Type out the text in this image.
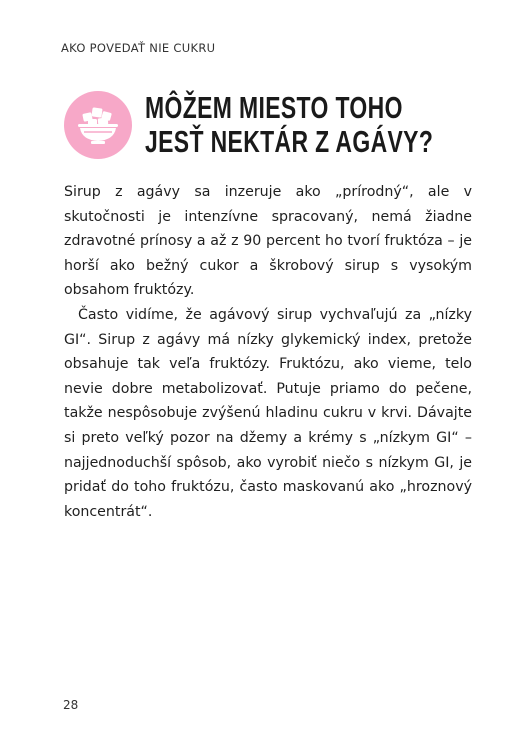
AKO POVEDAŤ NIE CUKRU
MÔŽEM MIESTO TOHO
JESŤ NEKTÁR Z AGÁVY?

Sirup z agávy sa inzeruje ako „prírodný“, ale v skutočnosti je intenzívne spracovaný, nemá žiadne zdravotné prínosy a až z 90 percent ho tvorí fruktóza – je horší ako bežný cukor a škrobový sirup s vysokým obsahom fruktózy.

Často vidíme, že agávový sirup vychvaľujú za „nízky GI“. Sirup z agávy má nízky glykemický index, pretože obsahuje tak veľa fruktózy. Fruktózu, ako vieme, telo nevie dobre metabolizovať. Putuje priamo do pečene, takže nespôsobuje zvýšenú hladinu cukru v krvi. Dávajte si preto veľký pozor na džemy a krémy s „nízkym GI“ – najjednoduchší spôsob, ako vyrobiť niečo s nízkym GI, je pridať do toho fruktózu, často maskovanú ako „hroznový koncentrát“.

28
